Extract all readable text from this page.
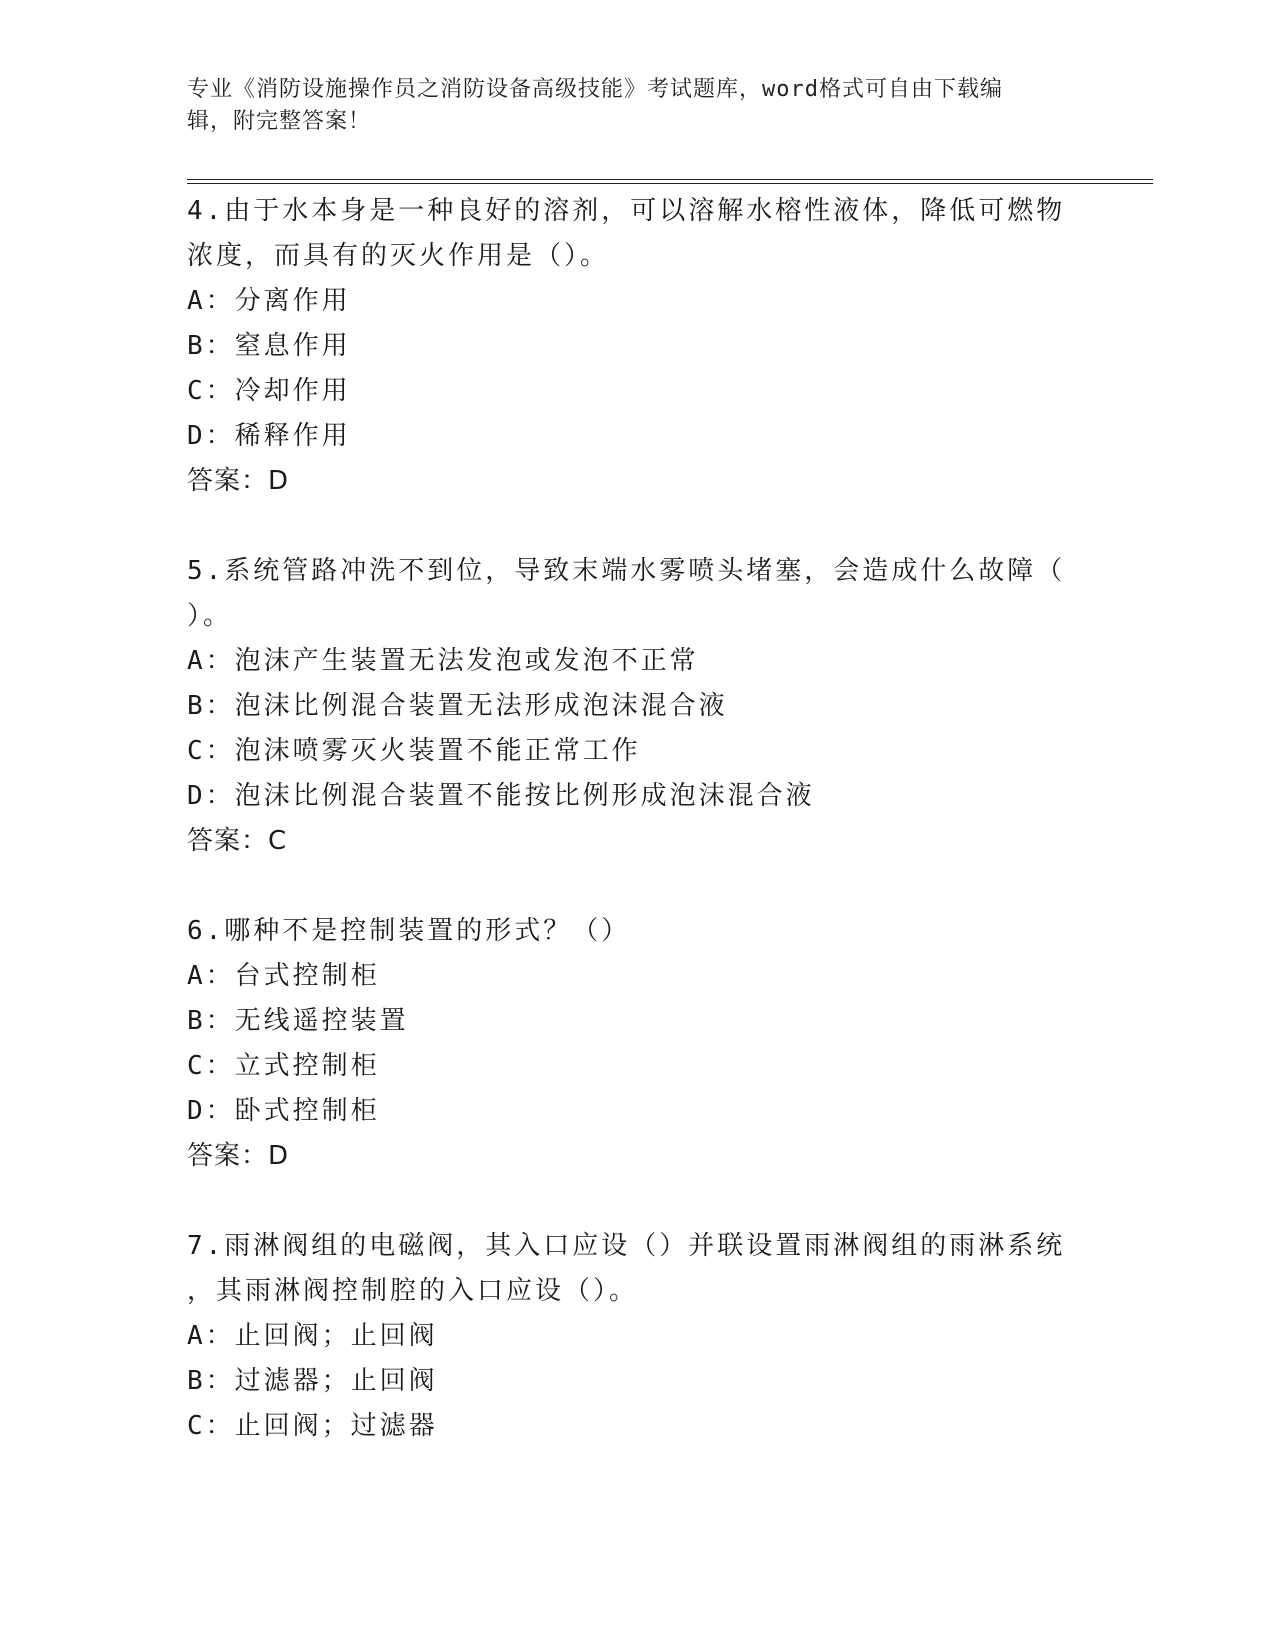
专业《消防设施操作员之消防设备高级技能》考试题库，word格式可自由下载编
辑，附完整答案！
4.由于水本身是一种良好的溶剂，可以溶解水榕性液体，降低可燃物
浓度，而具有的灭火作用是（）。
A：分离作用
B：窒息作用
C：冷却作用
D：稀释作用
答案：D
5.系统管路冲洗不到位，导致末端水雾喷头堵塞，会造成什么故障（
）。
A：泡沫产生装置无法发泡或发泡不正常
B：泡沫比例混合装置无法形成泡沫混合液
C：泡沫喷雾灭火装置不能正常工作
D：泡沫比例混合装置不能按比例形成泡沫混合液
答案：C
6.哪种不是控制装置的形式？（）
A：台式控制柜
B：无线遥控装置
C：立式控制柜
D：卧式控制柜
答案：D
7.雨淋阀组的电磁阀，其入口应设（）并联设置雨淋阀组的雨淋系统
，其雨淋阀控制腔的入口应设（）。
A：止回阀；止回阀
B：过滤器；止回阀
C：止回阀；过滤器
